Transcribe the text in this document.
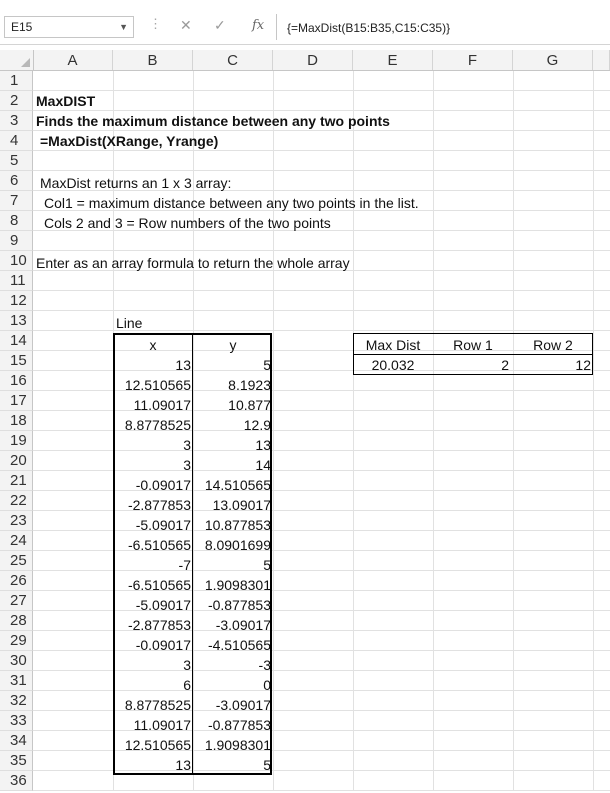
E15	▼ ⋮ ✕ ✓ fx {=MaxDist(B15:B35,C15:C35)}
A	B	C	D	E	F	G
1
2
3
4
5
6
7
8
9
10
11
12
13
14
15
16
17
18
19
20
21
22
23
24
25
26
27
28
29
30
31
32
33
34
35
36
MaxDIST
Finds the maximum distance between any two points
=MaxDist(XRange, Yrange)
MaxDist returns an 1 x 3 array:
Col1 = maximum distance between any two points in the list.
Cols 2 and 3 = Row numbers of the two points
Enter as an array formula to return the whole array
Line
x	y
13	5
12.510565	8.1923
11.09017	10.877
8.8778525	12.9
3	13
3	14
-0.09017 14.510565
-2.877853	13.09017
-5.09017 10.877853
-6.510565 8.0901699
-7	5
-6.510565 1.9098301
-5.09017	-0.877853
-2.877853	-3.09017
-0.09017	-4.510565
3	-3
6	0
8.8778525	-3.09017
11.09017	-0.877853
12.510565 1.9098301
13	5
Max Dist	Row 1	Row 2
20.032	2	12
